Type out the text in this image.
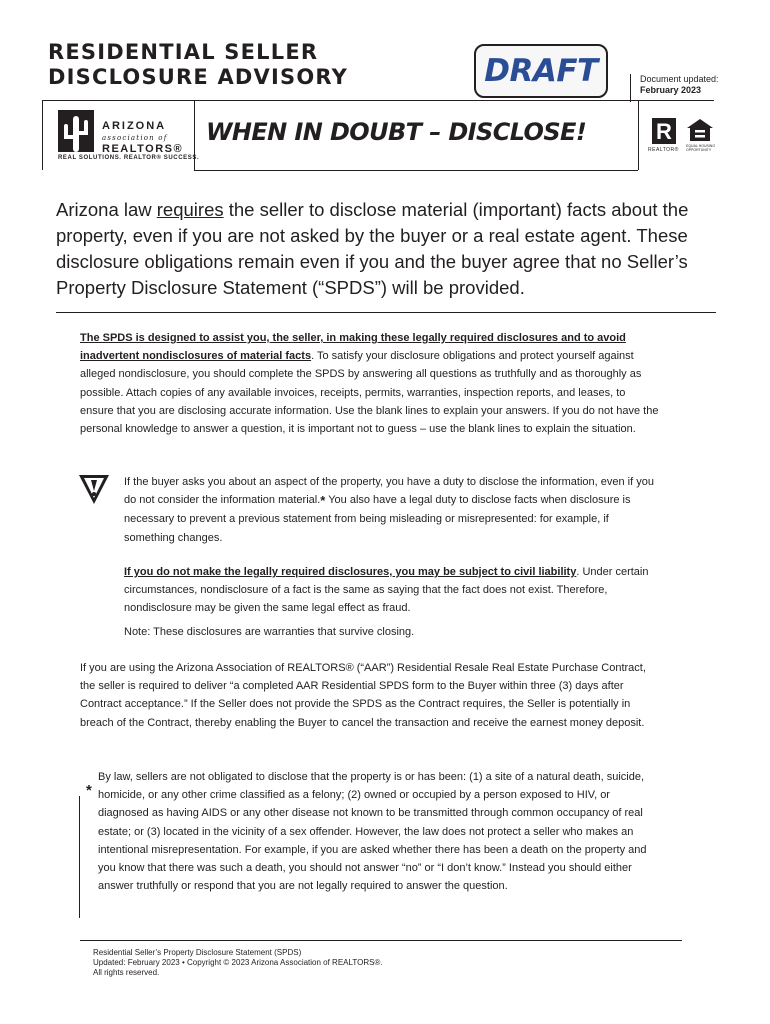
RESIDENTIAL SELLER
DISCLOSURE ADVISORY	DRAFT	Document updated:
February 2023
ARIZONA
association of
REALTORS®
REAL SOLUTIONS. REALTOR® SUCCESS.
WHEN IN DOUBT – DISCLOSE!	R
REALTOR®
EQUAL HOUSING OPPORTUNITY
Arizona law requires the seller to disclose material (important) facts about the property, even if you are not asked by the buyer or a real estate agent. These disclosure obligations remain even if you and the buyer agree that no Seller’s Property Disclosure Statement (“SPDS”) will be provided.
The SPDS is designed to assist you, the seller, in making these legally required disclosures and to avoid inadvertent nondisclosures of material facts. To satisfy your disclosure obligations and protect yourself against alleged nondisclosure, you should complete the SPDS by answering all questions as truthfully and as thoroughly as possible. Attach copies of any available invoices, receipts, permits, warranties, inspection reports, and leases, to ensure that you are disclosing accurate information. Use the blank lines to explain your answers. If you do not have the personal knowledge to answer a question, it is important not to guess – use the blank lines to explain the situation.
If the buyer asks you about an aspect of the property, you have a duty to disclose the information, even if you do not consider the information material.* You also have a legal duty to disclose facts when disclosure is necessary to prevent a previous statement from being misleading or misrepresented: for example, if something changes.
If you do not make the legally required disclosures, you may be subject to civil liability. Under certain circumstances, nondisclosure of a fact is the same as saying that the fact does not exist. Therefore, nondisclosure may be given the same legal effect as fraud.
Note: These disclosures are warranties that survive closing.
If you are using the Arizona Association of REALTORS® (“AAR”) Residential Resale Real Estate Purchase Contract, the seller is required to deliver “a completed AAR Residential SPDS form to the Buyer within three (3) days after Contract acceptance.” If the Seller does not provide the SPDS as the Contract requires, the Seller is potentially in breach of the Contract, thereby enabling the Buyer to cancel the transaction and receive the earnest money deposit.
*
By law, sellers are not obligated to disclose that the property is or has been: (1) a site of a natural death, suicide, homicide, or any other crime classified as a felony; (2) owned or occupied by a person exposed to HIV, or diagnosed as having AIDS or any other disease not known to be transmitted through common occupancy of real estate; or (3) located in the vicinity of a sex offender. However, the law does not protect a seller who makes an intentional misrepresentation. For example, if you are asked whether there has been a death on the property and you know that there was such a death, you should not answer “no” or “I don’t know.” Instead you should either answer truthfully or respond that you are not legally required to answer the question.
Residential Seller’s Property Disclosure Statement (SPDS)
Updated: February 2023 • Copyright © 2023 Arizona Association of REALTORS®.
All rights reserved.
